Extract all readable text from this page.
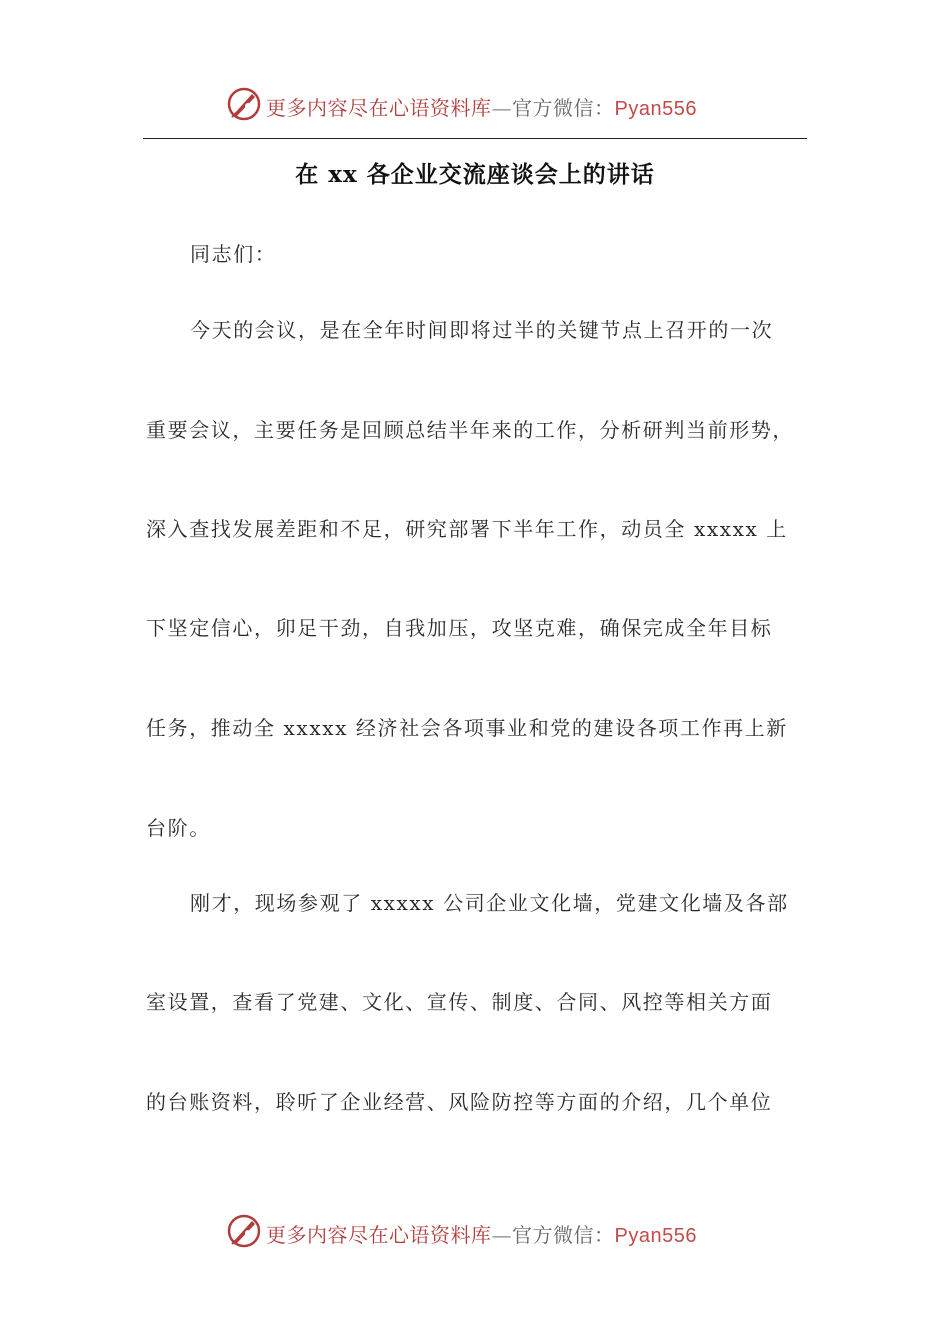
更多内容尽在心语资料库—官方微信：Pyan556
在 xx 各企业交流座谈会上的讲话
同志们：
今天的会议，是在全年时间即将过半的关键节点上召开的一次
重要会议，主要任务是回顾总结半年来的工作，分析研判当前形势，
深入查找发展差距和不足，研究部署下半年工作，动员全 xxxxx 上
下坚定信心，卯足干劲，自我加压，攻坚克难，确保完成全年目标
任务，推动全 xxxxx 经济社会各项事业和党的建设各项工作再上新
台阶。
刚才，现场参观了 xxxxx 公司企业文化墙，党建文化墙及各部
室设置，查看了党建、文化、宣传、制度、合同、风控等相关方面
的台账资料，聆听了企业经营、风险防控等方面的介绍，几个单位
更多内容尽在心语资料库—官方微信：Pyan556
